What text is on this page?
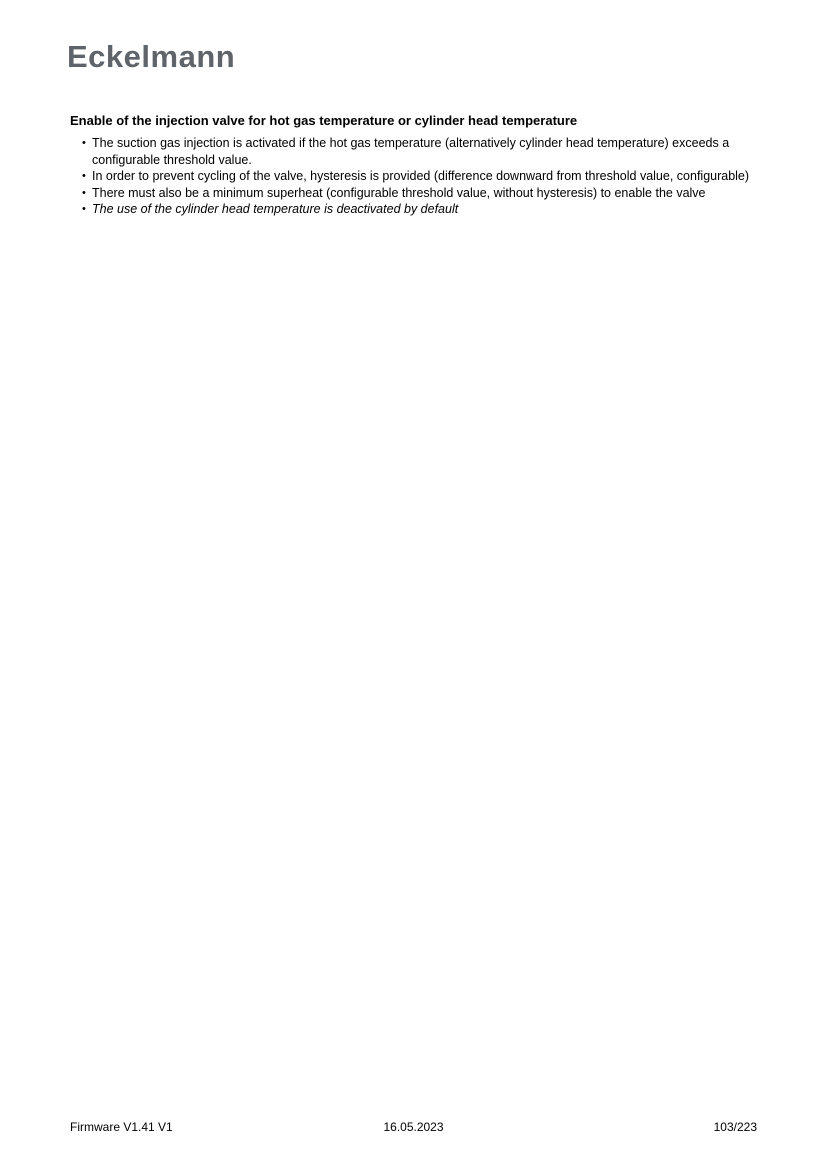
Eckelmann
Enable of the injection valve for hot gas temperature or cylinder head temperature
• The suction gas injection is activated if the hot gas temperature (alternatively cylinder head temperature) exceeds a configurable threshold value.
• In order to prevent cycling of the valve, hysteresis is provided (difference downward from threshold value, configurable)
• There must also be a minimum superheat (configurable threshold value, without hysteresis) to enable the valve
• The use of the cylinder head temperature is deactivated by default
Firmware V1.41 V1	16.05.2023	103/223
